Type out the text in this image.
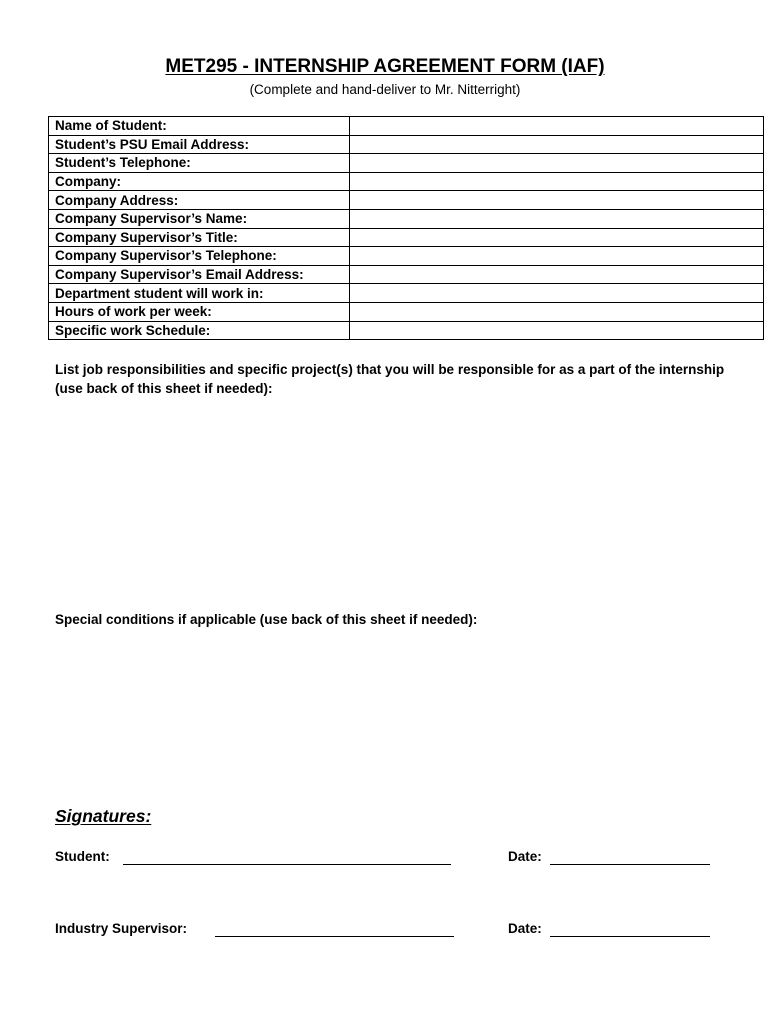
MET295 - INTERNSHIP AGREEMENT FORM (IAF)
(Complete and hand-deliver to Mr. Nitterright)
Name of Student:	
Student’s PSU Email Address:	
Student’s Telephone:	
Company:	
Company Address:	
Company Supervisor’s Name:	
Company Supervisor’s Title:	
Company Supervisor’s Telephone:	
Company Supervisor’s Email Address:	
Department student will work in:	
Hours of work per week:	
Specific work Schedule:	
List job responsibilities and specific project(s) that you will be responsible for as a part of the internship (use back of this sheet if needed):
Special conditions if applicable (use back of this sheet if needed):
Signatures:
Student:	Date:
Industry Supervisor:	Date:
